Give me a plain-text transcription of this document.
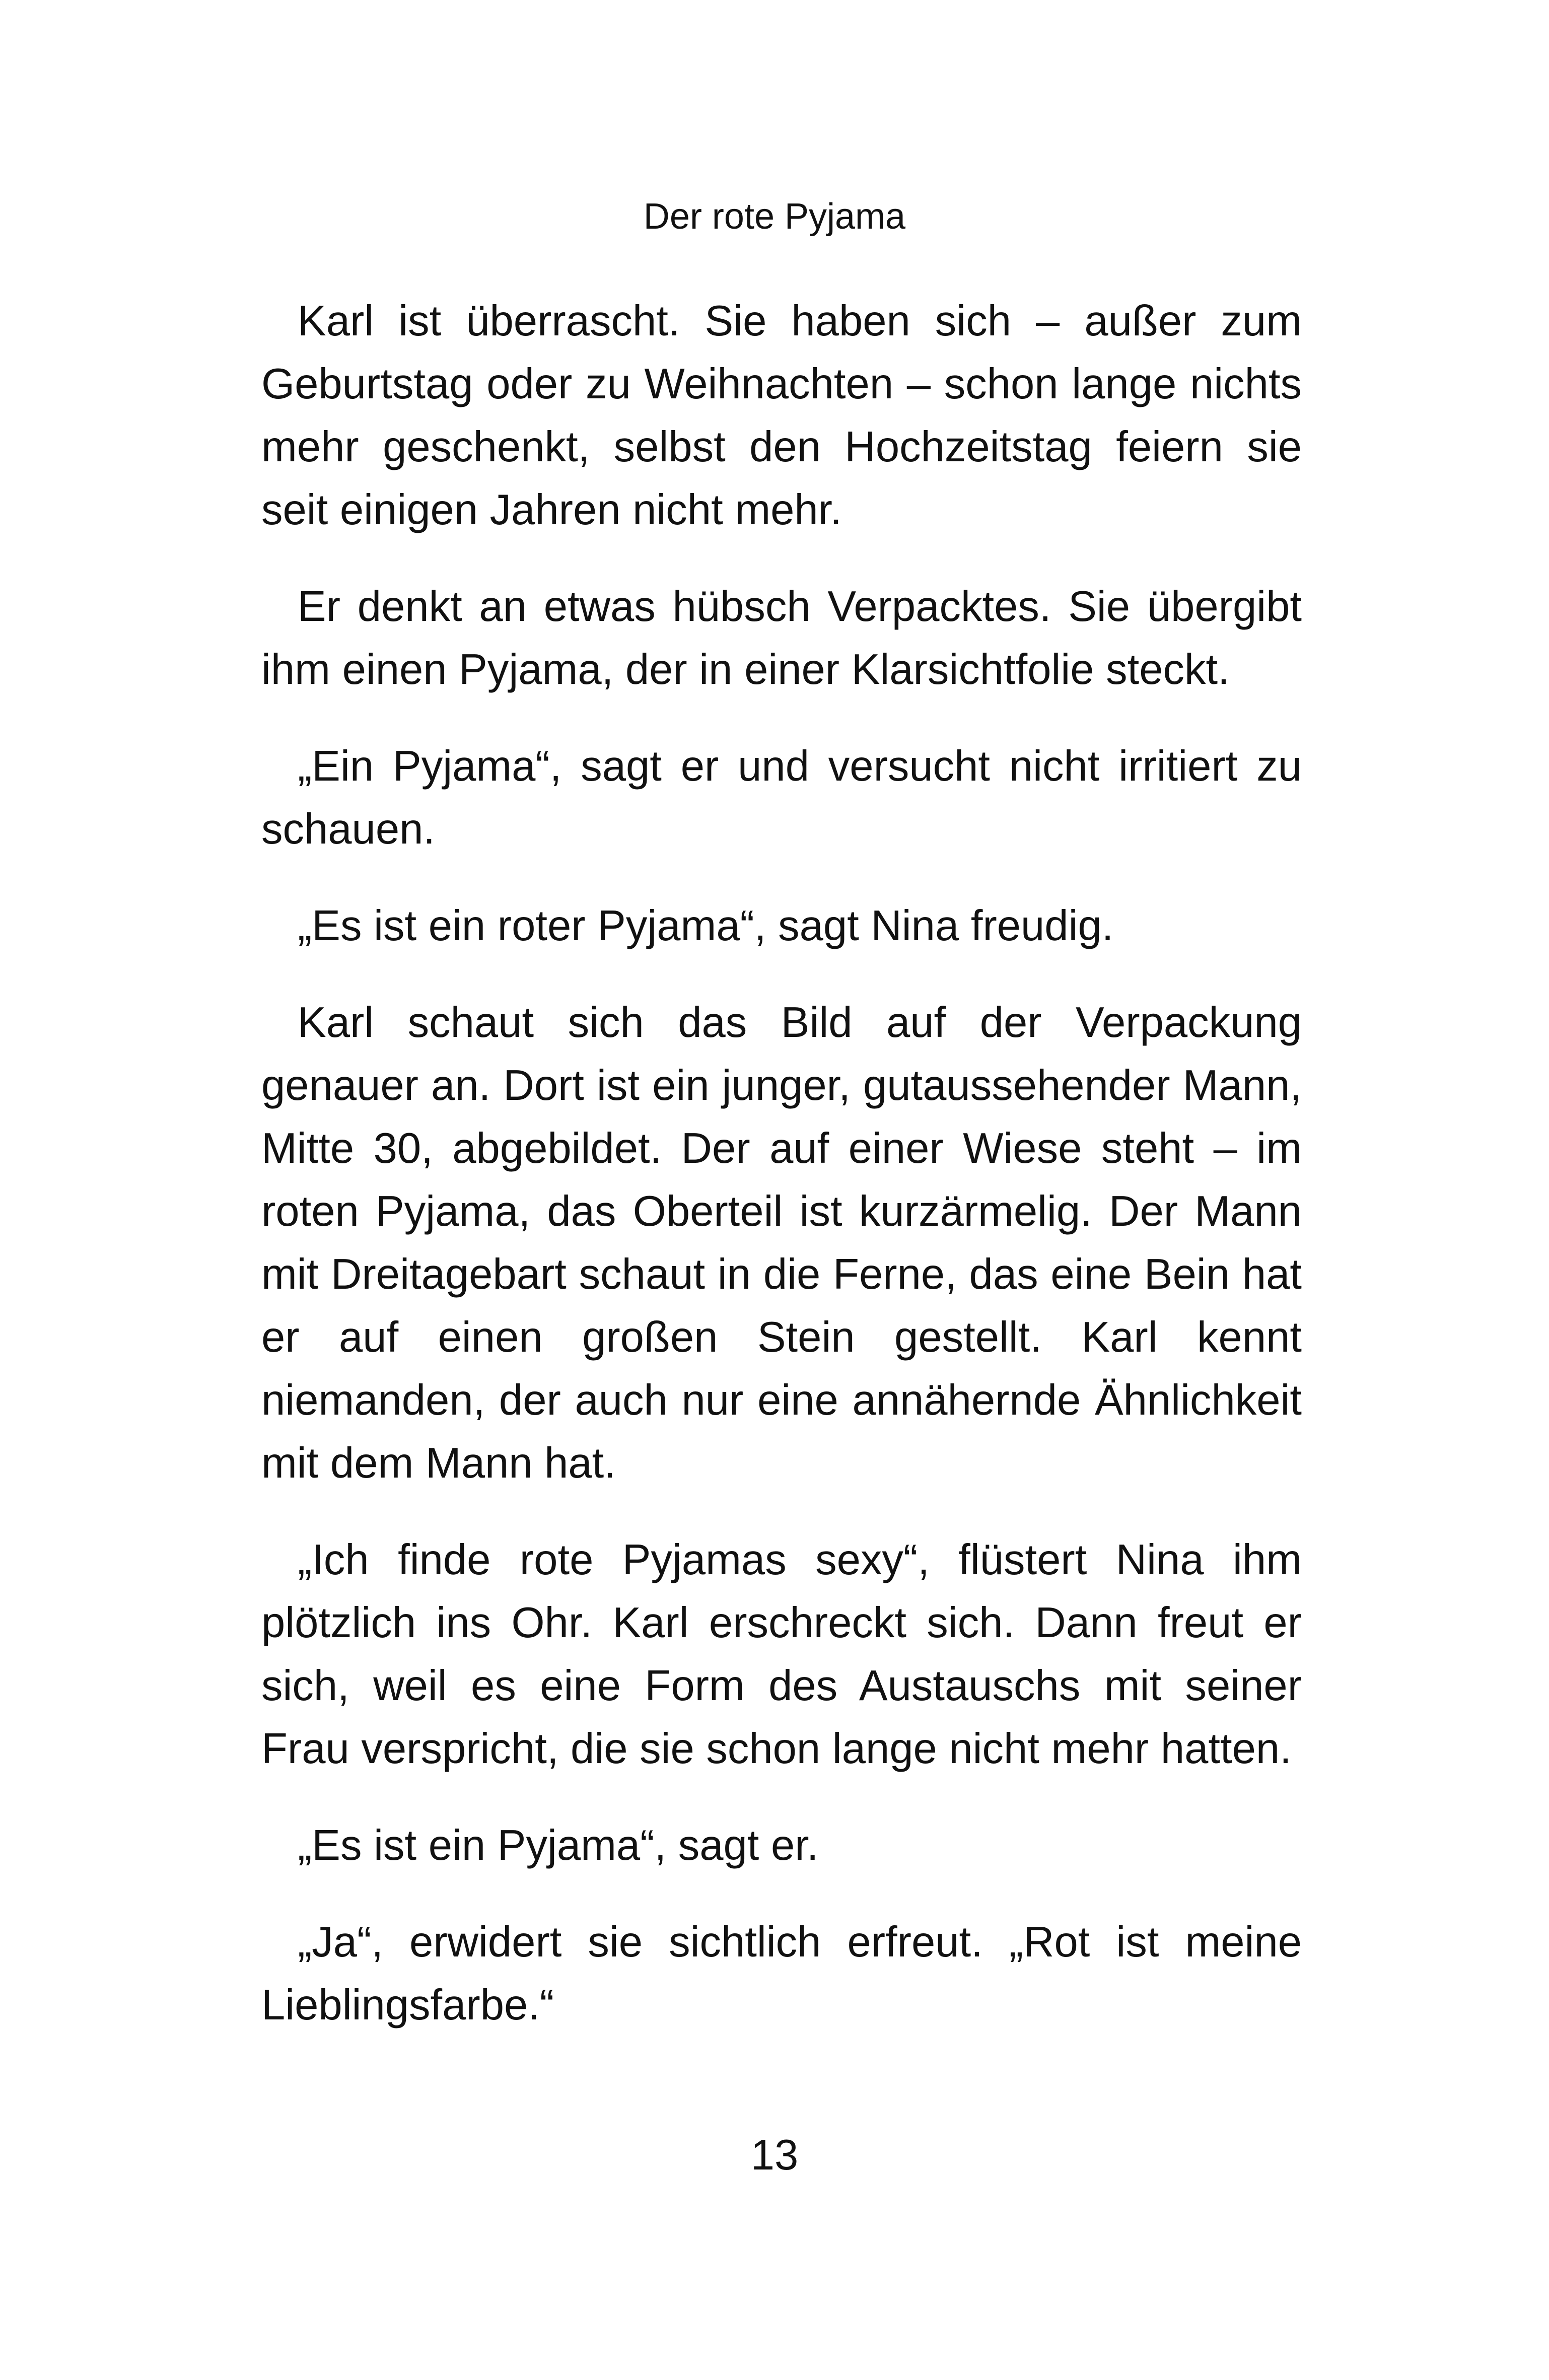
Der rote Pyjama

Karl ist überrascht. Sie haben sich – außer zum Geburtstag oder zu Weihnachten – schon lange nichts mehr geschenkt, selbst den Hochzeitstag feiern sie seit einigen Jahren nicht mehr.

Er denkt an etwas hübsch Verpacktes. Sie übergibt ihm einen Pyjama, der in einer Klarsichtfolie steckt.

„Ein Pyjama“, sagt er und versucht nicht irritiert zu schauen.

„Es ist ein roter Pyjama“, sagt Nina freudig.

Karl schaut sich das Bild auf der Verpackung genauer an. Dort ist ein junger, gutaussehender Mann, Mitte 30, abgebildet. Der auf einer Wiese steht – im roten Pyjama, das Oberteil ist kurzärmelig. Der Mann mit Dreitagebart schaut in die Ferne, das eine Bein hat er auf einen großen Stein gestellt. Karl kennt niemanden, der auch nur eine annähernde Ähnlichkeit mit dem Mann hat.

„Ich finde rote Pyjamas sexy“, flüstert Nina ihm plötzlich ins Ohr. Karl erschreckt sich. Dann freut er sich, weil es eine Form des Austauschs mit seiner Frau verspricht, die sie schon lange nicht mehr hatten.

„Es ist ein Pyjama“, sagt er.

„Ja“, erwidert sie sichtlich erfreut. „Rot ist meine Lieblingsfarbe.“

13
